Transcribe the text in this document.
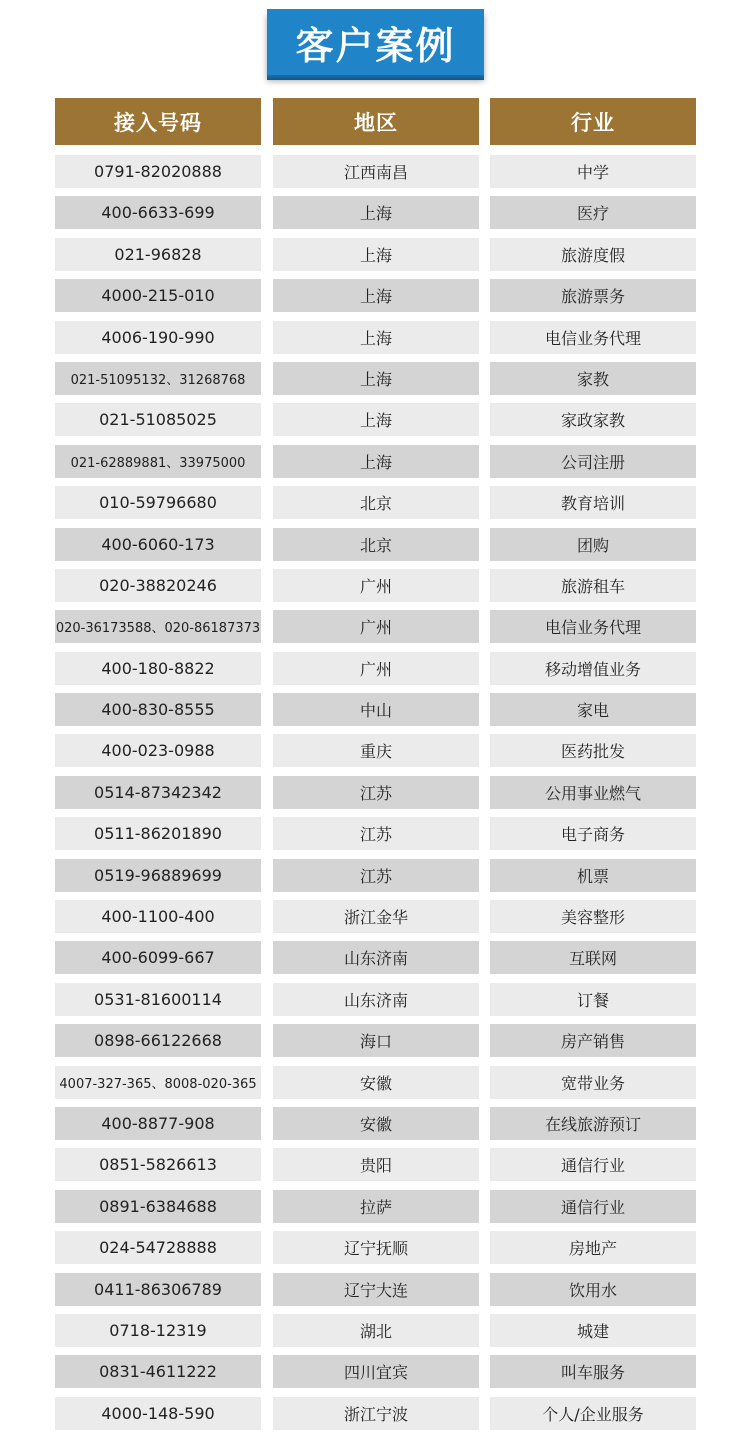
客户案例
接入号码	地区	行业
0791-82020888	江西南昌	中学
400-6633-699	上海	医疗
021-96828	上海	旅游度假
4000-215-010	上海	旅游票务
4006-190-990	上海	电信业务代理
021-51095132、31268768	上海	家教
021-51085025	上海	家政家教
021-62889881、33975000	上海	公司注册
010-59796680	北京	教育培训
400-6060-173	北京	团购
020-38820246	广州	旅游租车
020-36173588、020-86187373	广州	电信业务代理
400-180-8822	广州	移动增值业务
400-830-8555	中山	家电
400-023-0988	重庆	医药批发
0514-87342342	江苏	公用事业燃气
0511-86201890	江苏	电子商务
0519-96889699	江苏	机票
400-1100-400	浙江金华	美容整形
400-6099-667	山东济南	互联网
0531-81600114	山东济南	订餐
0898-66122668	海口	房产销售
4007-327-365、8008-020-365	安徽	宽带业务
400-8877-908	安徽	在线旅游预订
0851-5826613	贵阳	通信行业
0891-6384688	拉萨	通信行业
024-54728888	辽宁抚顺	房地产
0411-86306789	辽宁大连	饮用水
0718-12319	湖北	城建
0831-4611222	四川宜宾	叫车服务
4000-148-590	浙江宁波	个人/企业服务
